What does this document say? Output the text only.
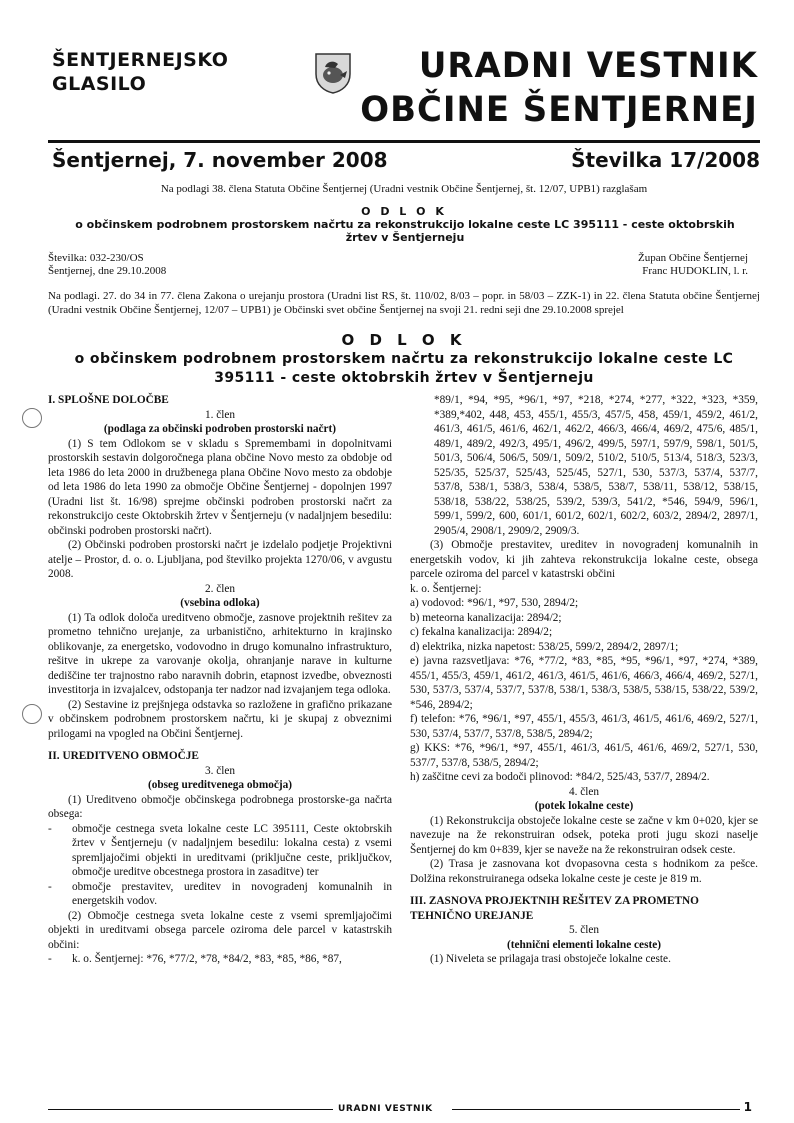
ŠENTJERNEJSKO
GLASILO	URADNI VESTNIK
OBČINE ŠENTJERNEJ
Šentjernej, 7. november 2008	Številka 17/2008
Na podlagi 38. člena Statuta Občine Šentjernej (Uradni vestnik Občine Šentjernej, št. 12/07, UPB1) razglašam
O D L O K
o občinskem podrobnem prostorskem načrtu za rekonstrukcijo lokalne ceste LC 395111 - ceste oktobrskih žrtev v Šentjerneju
Številka: 032-230/OS
Šentjernej, dne 29.10.2008
Župan Občine Šentjernej
Franc HUDOKLIN, l. r.
Na podlagi. 27. do 34 in 77. člena Zakona o urejanju prostora (Uradni list RS, št. 110/02, 8/03 – popr. in 58/03 – ZZK-1) in 22. člena Statuta občine Šentjernej (Uradni vestnik Občine Šentjernej, 12/07 – UPB1) je Občinski svet občine Šentjernej na svoji 21. redni seji dne 29.10.2008 sprejel
O D L O K
o občinskem podrobnem prostorskem načrtu za rekonstrukcijo lokalne ceste LC 395111 - ceste oktobrskih žrtev v Šentjerneju

I. SPLOŠNE DOLOČBE

1. člen

(podlaga za občinski podroben prostorski načrt)

(1) S tem Odlokom se v skladu s Spremembami in dopolnitvami prostorskih sestavin dolgoročnega plana občine Novo mesto za obdobje od leta 1986 do leta 2000 in družbenega plana Občine Novo mesto za obdobje od leta 1986 do leta 1990 za območje Občine Šentjernej - dopolnjen 1997 (Uradni list št. 16/98) sprejme občinski podroben prostorski načrt za rekonstrukcijo ceste Oktobrskih žrtev v Šentjerneju (v nadaljnjem besedilu: občinski podroben prostorski načrt).

(2) Občinski podroben prostorski načrt je izdelalo podjetje Projektivni atelje – Prostor, d. o. o. Ljubljana, pod številko projekta 1270/06, v avgustu 2008.

2. člen

(vsebina odloka)

(1) Ta odlok določa ureditveno območje, zasnove projektnih rešitev za prometno tehnično urejanje, za urbanistično, arhitekturno in krajinsko oblikovanje, za energetsko, vodovodno in drugo komunalno infrastrukturo, rešitve in ukrepe za varovanje okolja, ohranjanje narave in kulturne dediščine ter trajnostno rabo naravnih dobrin, etapnost izvedbe, obveznosti investitorja in izvajalcev, odstopanja ter nadzor nad izvajanjem tega odloka.

(2) Sestavine iz prejšnjega odstavka so razložene in grafično prikazane v občinskem podrobnem prostorskem načrtu, ki je skupaj z obveznimi prilogami na vpogled na Občini Šentjernej.

II. UREDITVENO OBMOČJE

3. člen

(obseg ureditvenega območja)

(1) Ureditveno območje občinskega podrobnega prostorske-ga načrta obsega:

-	območje cestnega sveta lokalne ceste LC 395111, Ceste oktobrskih žrtev v Šentjerneju (v nadaljnjem besedilu: lokalna cesta) z vsemi spremljajočimi objekti in ureditvami (priključne ceste, priključkov, območje ureditve obcestnega prostora in zasaditve) ter
-	območje prestavitev, ureditev in novogradenj komunalnih in energetskih vodov.

(2) Območje cestnega sveta lokalne ceste z vsemi spremljajočimi objekti in ureditvami obsega parcele oziroma dele parcel v katastrskih občini:

-	k. o. Šentjernej: *76, *77/2, *78, *84/2, *83, *85, *86, *87,

*89/1, *94, *95, *96/1, *97, *218, *274, *277, *322, *323, *359, *389,*402, 448, 453, 455/1, 455/3, 457/5, 458, 459/1, 459/2, 461/2, 461/3, 461/5, 461/6, 462/1, 462/2, 466/3, 466/4, 469/2, 475/6, 485/1, 489/1, 489/2, 492/3, 495/1, 496/2, 499/5, 597/1, 597/9, 598/1, 501/5, 501/3, 506/4, 506/5, 509/1, 509/2, 510/2, 510/5, 513/4, 518/3, 523/3, 525/35, 525/37, 525/43, 525/45, 527/1, 530, 537/3, 537/4, 537/7, 537/8, 538/1, 538/3, 538/4, 538/5, 538/7, 538/11, 538/12, 538/15, 538/18, 538/22, 538/25, 539/2, 539/3, 541/2, *546, 594/9, 596/1, 599/1, 599/2, 600, 601/1, 601/2, 602/1, 602/2, 603/2, 2894/2, 2897/1, 2905/4, 2908/1, 2909/2, 2909/3.

(3) Območje prestavitev, ureditev in novogradenj komunalnih in energetskih vodov, ki jih zahteva rekonstrukcija lokalne ceste, obsega parcele oziroma del parcel v katastrski občini

k. o. Šentjernej:

a) vodovod: *96/1, *97, 530, 2894/2;

b) meteorna kanalizacija: 2894/2;

c) fekalna kanalizacija: 2894/2;

d) elektrika, nizka napetost: 538/25, 599/2, 2894/2, 2897/1;

e) javna razsvetljava: *76, *77/2, *83, *85, *95, *96/1, *97, *274, *389, 455/1, 455/3, 459/1, 461/2, 461/3, 461/5, 461/6, 466/3, 466/4, 469/2, 527/1, 530, 537/3, 537/4, 537/7, 537/8, 538/1, 538/3, 538/5, 538/15, 538/22, 539/2, *546, 2894/2;

f) telefon: *76, *96/1, *97, 455/1, 455/3, 461/3, 461/5, 461/6, 469/2, 527/1, 530, 537/4, 537/7, 537/8, 538/5, 2894/2;

g) KKS: *76, *96/1, *97, 455/1, 461/3, 461/5, 461/6, 469/2, 527/1, 530, 537/7, 537/8, 538/5, 2894/2;

h) zaščitne cevi za bodoči plinovod: *84/2, 525/43, 537/7, 2894/2.

4. člen

(potek lokalne ceste)

(1) Rekonstrukcija obstoječe lokalne ceste se začne v km 0+020, kjer se navezuje na že rekonstruiran odsek, poteka proti jugu skozi naselje Šentjernej do km 0+839, kjer se naveže na že rekonstruiran odsek ceste.

(2) Trasa je zasnovana kot dvopasovna cesta s hodnikom za pešce. Dolžina rekonstruiranega odseka lokalne ceste je ceste je 819 m.

III. ZASNOVA PROJEKTNIH REŠITEV ZA PROMETNO TEHNIČNO UREJANJE

5. člen

(tehnični elementi lokalne ceste)

(1) Niveleta se prilagaja trasi obstoječe lokalne ceste.

URADNI VESTNIK	1
